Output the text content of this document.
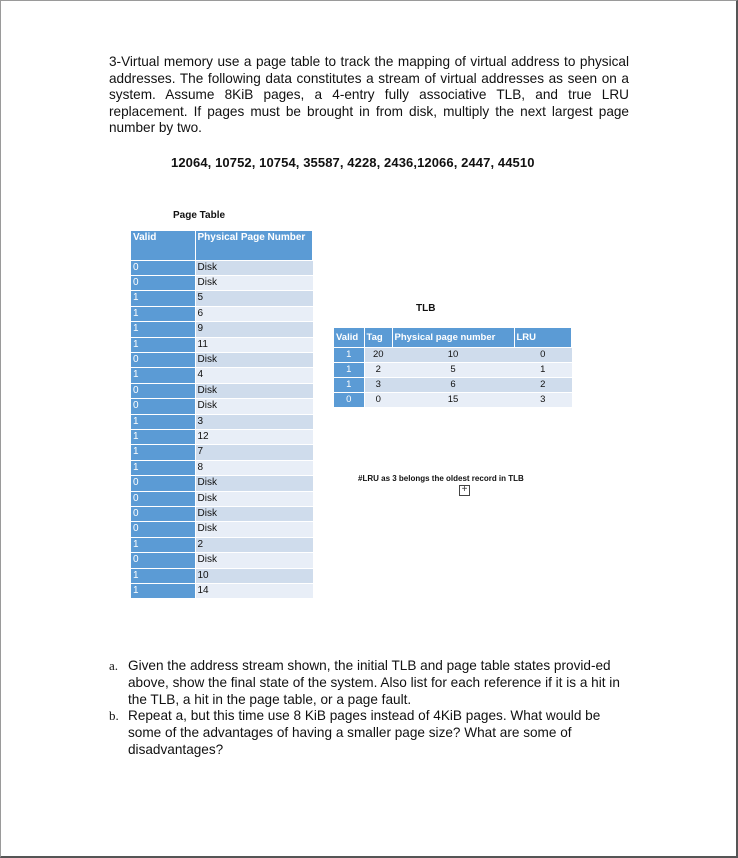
3-Virtual memory use a page table to track the mapping of virtual address to physical addresses. The following data constitutes a stream of virtual addresses as seen on a system. Assume 8KiB pages, a 4-entry fully associative TLB, and true LRU replacement. If pages must be brought in from disk, multiply the next largest page number by two.

12064, 10752, 10754, 35587, 4228, 2436,12066, 2447, 44510
Page Table
Valid	Physical Page Number
0	Disk
0	Disk
1	5
1	6
1	9
1	11
0	Disk
1	4
0	Disk
0	Disk
1	3
1	12
1	7
1	8
0	Disk
0	Disk
0	Disk
0	Disk
1	2
0	Disk
1	10
1	14
TLB
Valid	Tag	Physical page number	LRU
1	20	10	0
1	2	5	1
1	3	6	2
0	0	15	3
#LRU as 3 belongs the oldest record in TLB
+
a. Given the address stream shown, the initial TLB and page table states provid-ed above, show the final state of the system. Also list for each reference if it is a hit in the TLB, a hit in the page table, or a page fault.
b. Repeat a, but this time use 8 KiB pages instead of 4KiB pages. What would be some of the advantages of having a smaller page size? What are some of disadvantages?
